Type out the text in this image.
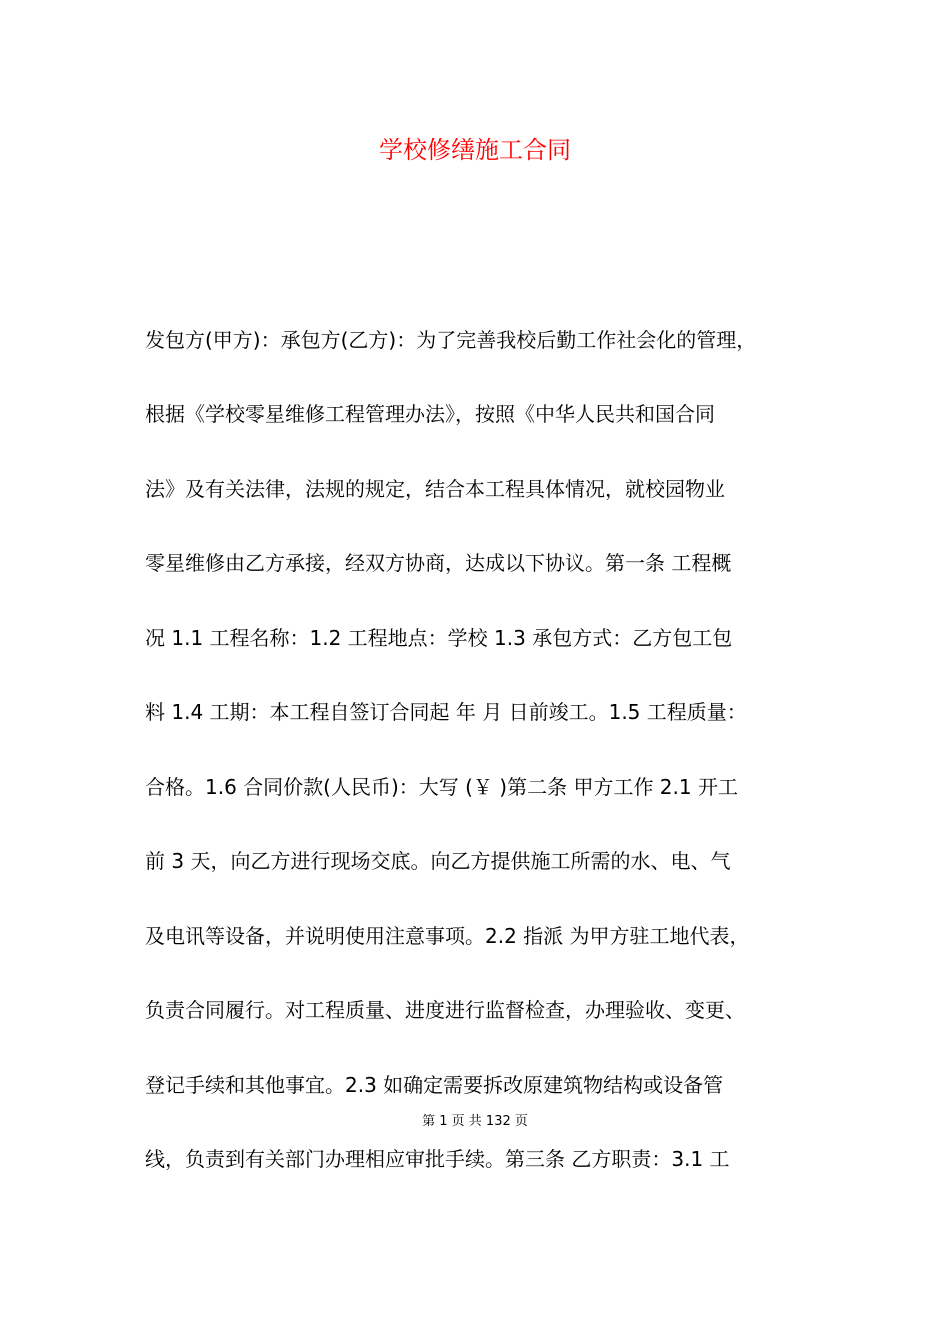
学校修缮施工合同

发包方(甲方)：承包方(乙方)：为了完善我校后勤工作社会化的管理，

根据《学校零星维修工程管理办法》，按照《中华人民共和国合同

法》及有关法律，法规的规定，结合本工程具体情况，就校园物业

零星维修由乙方承接，经双方协商，达成以下协议。第一条 工程概

况 1.1 工程名称：1.2 工程地点：学校 1.3 承包方式：乙方包工包

料 1.4 工期：本工程自签订合同起 年 月 日前竣工。1.5 工程质量：

合格。1.6 合同价款(人民币)：大写 (￥ )第二条 甲方工作 2.1 开工

前 3 天，向乙方进行现场交底。向乙方提供施工所需的水、电、气

及电讯等设备，并说明使用注意事项。2.2 指派 为甲方驻工地代表，

负责合同履行。对工程质量、进度进行监督检查，办理验收、变更、

登记手续和其他事宜。2.3 如确定需要拆改原建筑物结构或设备管

第 1 页 共 132 页

线，负责到有关部门办理相应审批手续。第三条 乙方职责：3.1 工
